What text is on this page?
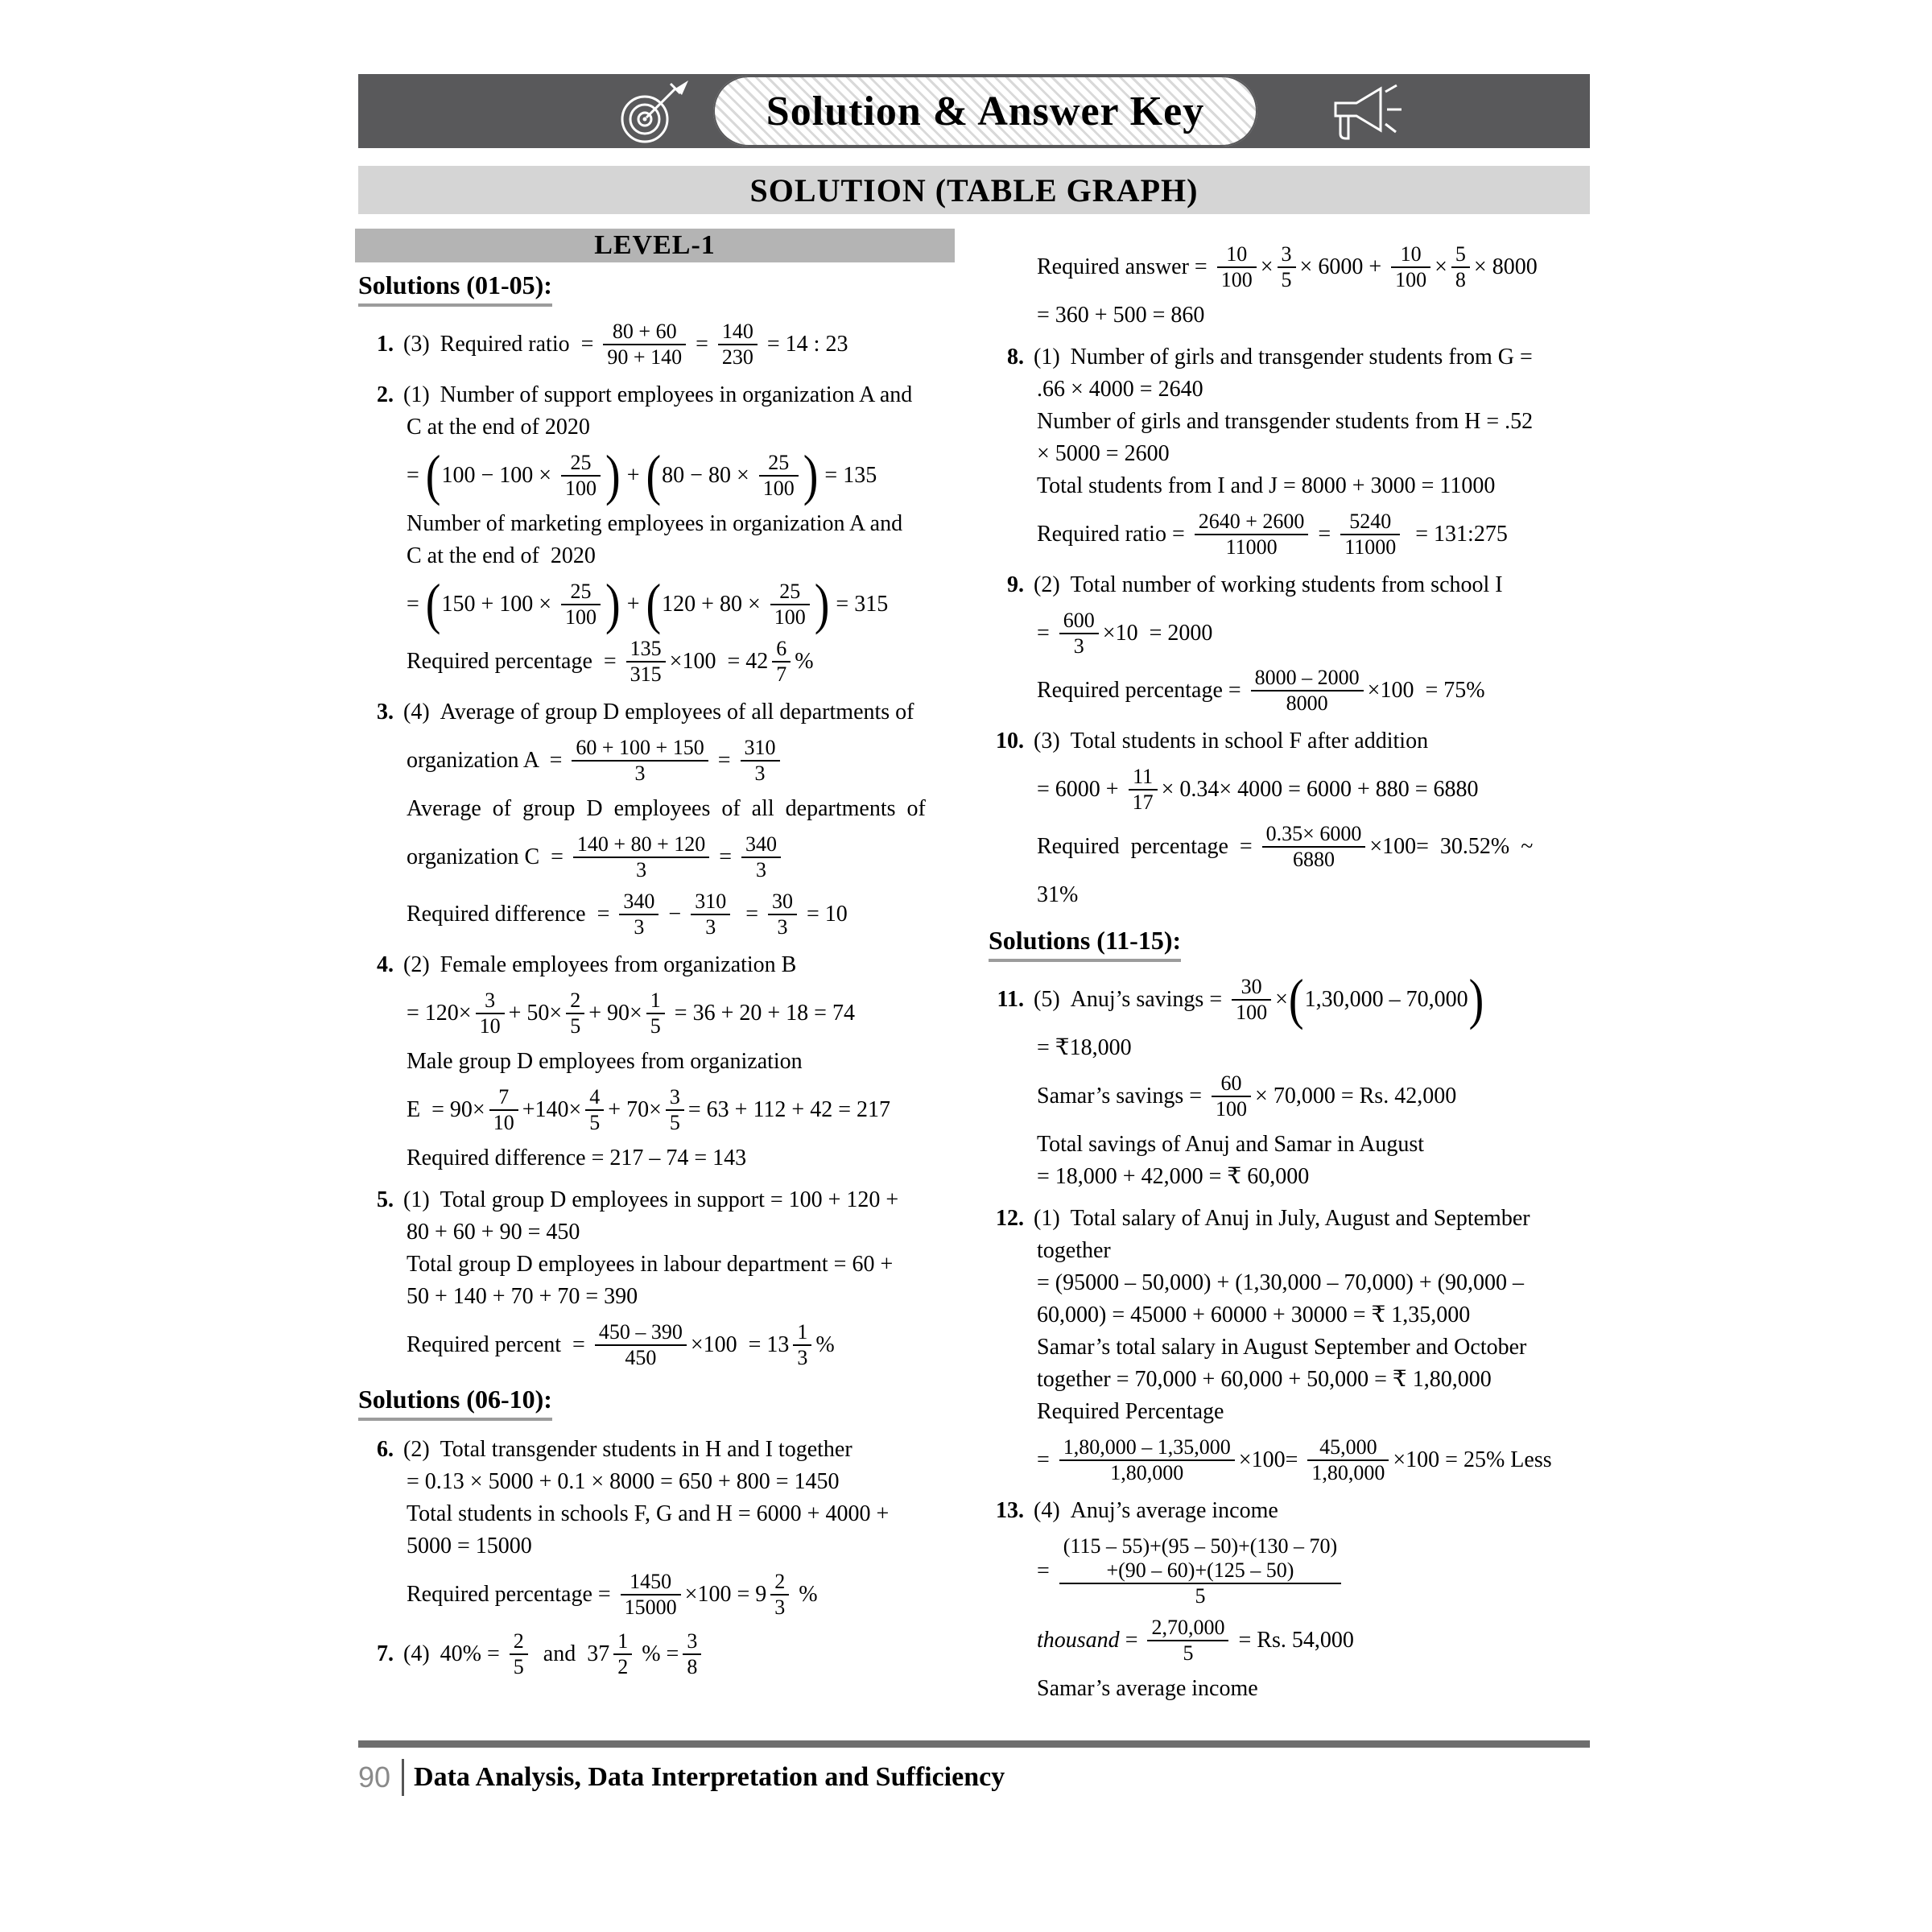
Solution & Answer Key
SOLUTION (TABLE GRAPH)
LEVEL-1
Solutions (01-05):
1. (3) Required ratio  = $\frac{80 + 60}{90 + 140} = \frac{140}{230} = 14$ : 23
2. (1) Number of support employees in organization A and
C at the end of 2020
= ( $100 - 100 \times \frac{25}{100}$ ) + ( $80 - 80 \times \frac{25}{100}$ ) = 135
Number of marketing employees in organization A and
C at the end of  2020
= ( $150 + 100 \times \frac{25}{100}$ ) + ( $120 + 80 \times \frac{25}{100}$ ) = 315
Required percentage  = $\frac{135}{315} \times 100 = 42 \frac{6}{7}$ %
3. (4) Average of group D employees of all departments of
organization $A = \frac{60 + 100 + 150}{3} = \frac{310}{3}$
Average  of  group  D  employees  of  all  departments  of
organization $C = \frac{140 + 80 + 120}{3} = \frac{340}{3}$
Required difference  = $\frac{340}{3} - \frac{310}{3} = \frac{30}{3} = 10$
4. (2) Female employees from organization B
= $120\times \frac{3}{10} + 50\times \frac{2}{5} + 90\times \frac{1}{5} = 36 + 20 + 18 = 74$
Male group D employees from organization
$E = 90\times \frac{7}{10} +140\times \frac{4}{5} + 70\times \frac{3}{5} = 63 + 112 + 42 = 217$
Required difference = 217 – 74 = 143
5. (1) Total group D employees in support = 100 + 120 +
80 + 60 + 90 = 450
Total group D employees in labour department = 60 +
50 + 140 + 70 + 70 = 390
Required percent  = $\frac{450 - 390}{450} \times 100 = 13 \frac{1}{3}$ %
Solutions (06-10):
6. (2) Total transgender students in H and I together
= 0.13 × 5000 + 0.1 × 8000 = 650 + 800 = 1450
Total students in schools F, G and H = 6000 + 4000 +
5000 = 15000
Required percentage = $\frac{1450}{15000} \times 100 = 9 \frac{2}{3}$ %
7. (4) $40\% = \frac{2}{5}$ and  $37 \frac{1}{2}$ % = $\frac{3}{8}$
Required answer = $\frac{10}{100} \times \frac{3}{5} \times 6000 + \frac{10}{100} \times \frac{5}{8} \times 8000$
= 360 + 500 = 860
8. (1) Number of girls and transgender students from G =
.66 × 4000 = 2640
Number of girls and transgender students from H = .52
× 5000 = 2600
Total students from I and J = 8000 + 3000 = 11000
Required ratio = $\frac{2640 + 2600}{11000} = \frac{5240}{11000}$ = 131:275
9. (2) Total number of working students from school I
= $\frac{600}{3} \times 10 = 2000$
Required percentage = $\frac{8000 - 2000}{8000} \times 100 = 75\%$
10. (3) Total students in school F after addition
= $6000 + \frac{11}{17} \times 0.34\times 4000 = 6000 + 880 = 6880$
Required  percentage  = $\frac{0.35\times 6000}{6880} \times 100= 30.52\%$  ~
31%
Solutions (11-15):
11. (5) Anuj’s savings = $\frac{30}{100}$ × ( 1,30,000 – 70,000 )
= ₹18,000
Samar’s savings = $\frac{60}{100} \times 70,000 = Rs$. 42,000
Total savings of Anuj and Samar in August
= 18,000 + 42,000 = ₹ 60,000
12. (1) Total salary of Anuj in July, August and September
together
= (95000 – 50,000) + (1,30,000 – 70,000) + (90,000 –
60,000) = 45000 + 60000 + 30000 = ₹ 1,35,000
Samar’s total salary in August September and October
together = 70,000 + 60,000 + 50,000 = ₹ 1,80,000
Required Percentage
= $\frac{1,80,000 - 1,35,000}{1,80,000} \times 100= \frac{45,000}{1,80,000} \times 100 = 25\%$ Less
13. (4) Anuj’s average income
=
(115 – 55)+(95 – 50)+(130 – 70)
+(90 – 60)+(125 – 50)
5
thousand = $\frac{2,70,000}{5} = Rs$. 54,000
Samar’s average income
90 Data Analysis, Data Interpretation and Sufficiency
